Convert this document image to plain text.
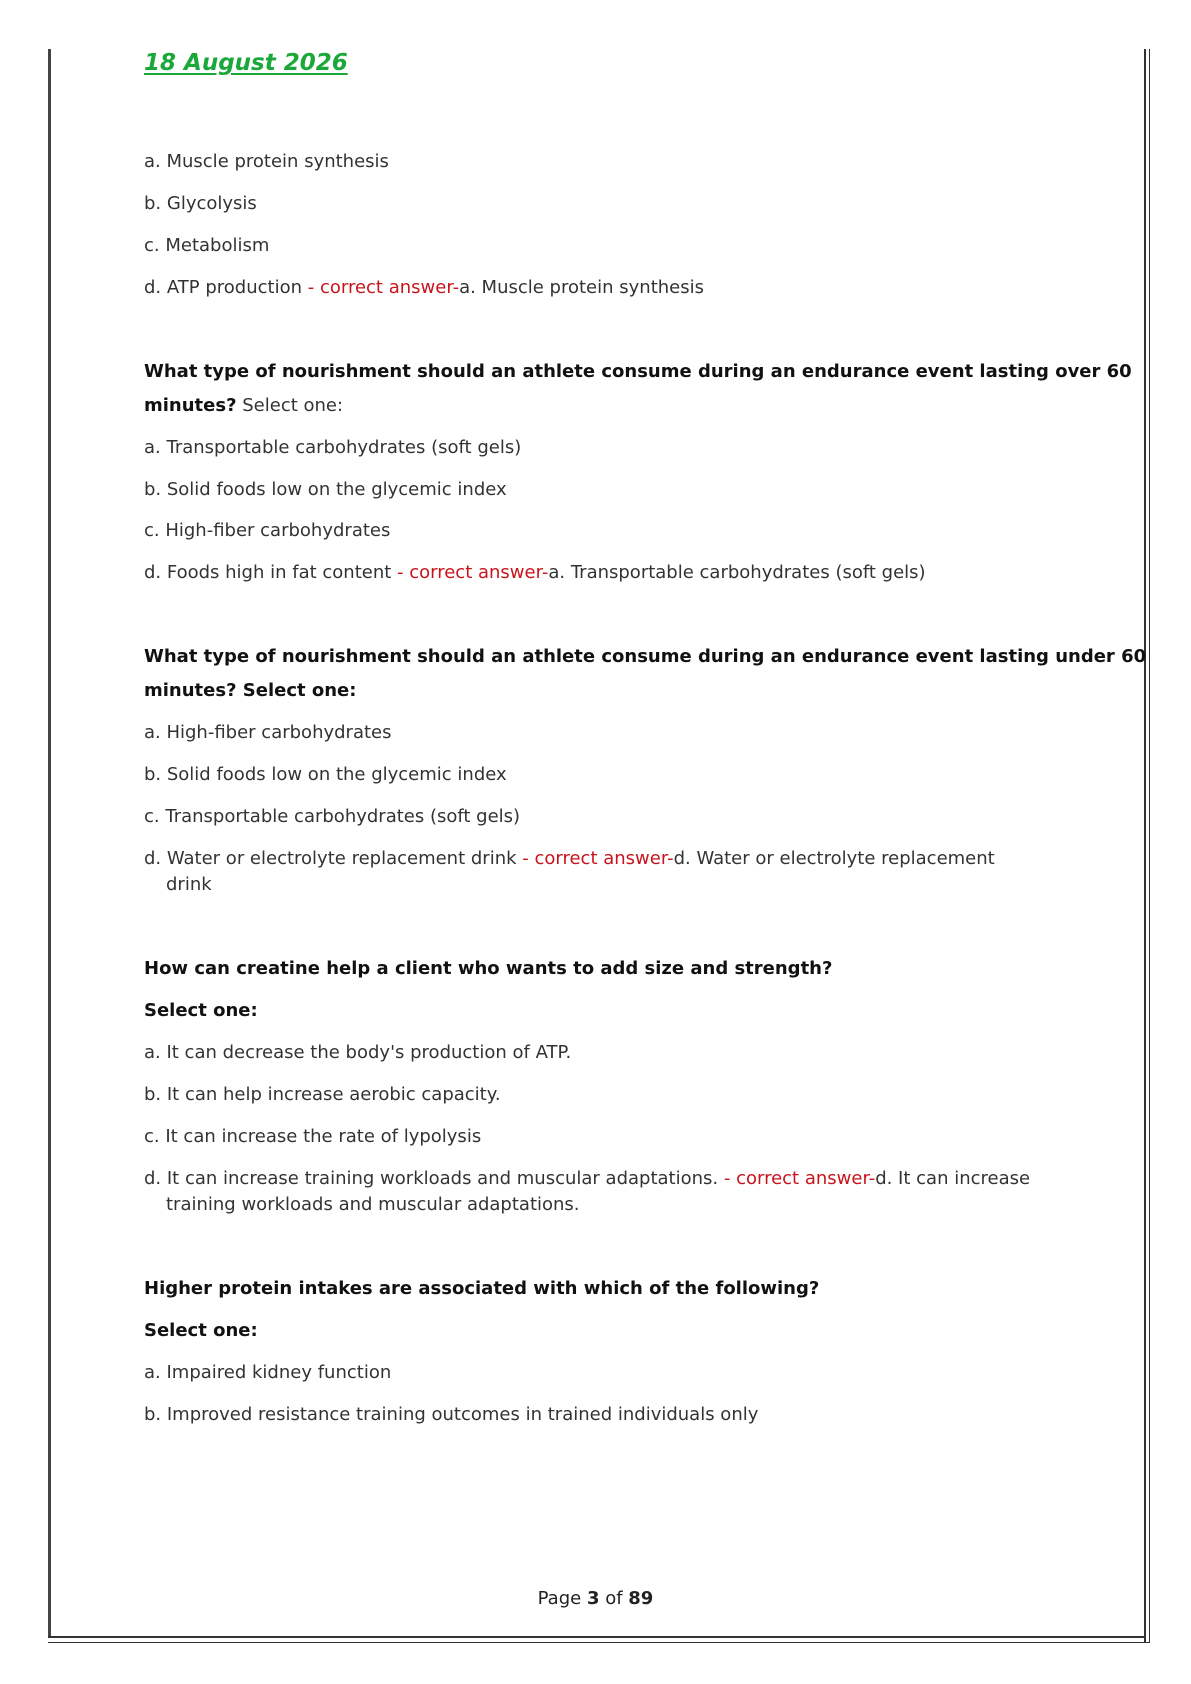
18 August 2026
a. Muscle protein synthesis
b. Glycolysis
c. Metabolism
d. ATP production - correct answer-a. Muscle protein synthesis
What type of nourishment should an athlete consume during an endurance event lasting over 60
minutes? Select one:
a. Transportable carbohydrates (soft gels)
b. Solid foods low on the glycemic index
c. High-fiber carbohydrates
d. Foods high in fat content - correct answer-a. Transportable carbohydrates (soft gels)
What type of nourishment should an athlete consume during an endurance event lasting under 60
minutes? Select one:
a. High-fiber carbohydrates
b. Solid foods low on the glycemic index
c. Transportable carbohydrates (soft gels)
d. Water or electrolyte replacement drink - correct answer-d. Water or electrolyte replacement
drink
How can creatine help a client who wants to add size and strength?
Select one:
a. It can decrease the body's production of ATP.
b. It can help increase aerobic capacity.
c. It can increase the rate of lypolysis
d. It can increase training workloads and muscular adaptations. - correct answer-d. It can increase
training workloads and muscular adaptations.
Higher protein intakes are associated with which of the following?
Select one:
a. Impaired kidney function
b. Improved resistance training outcomes in trained individuals only
Page 3 of 89
